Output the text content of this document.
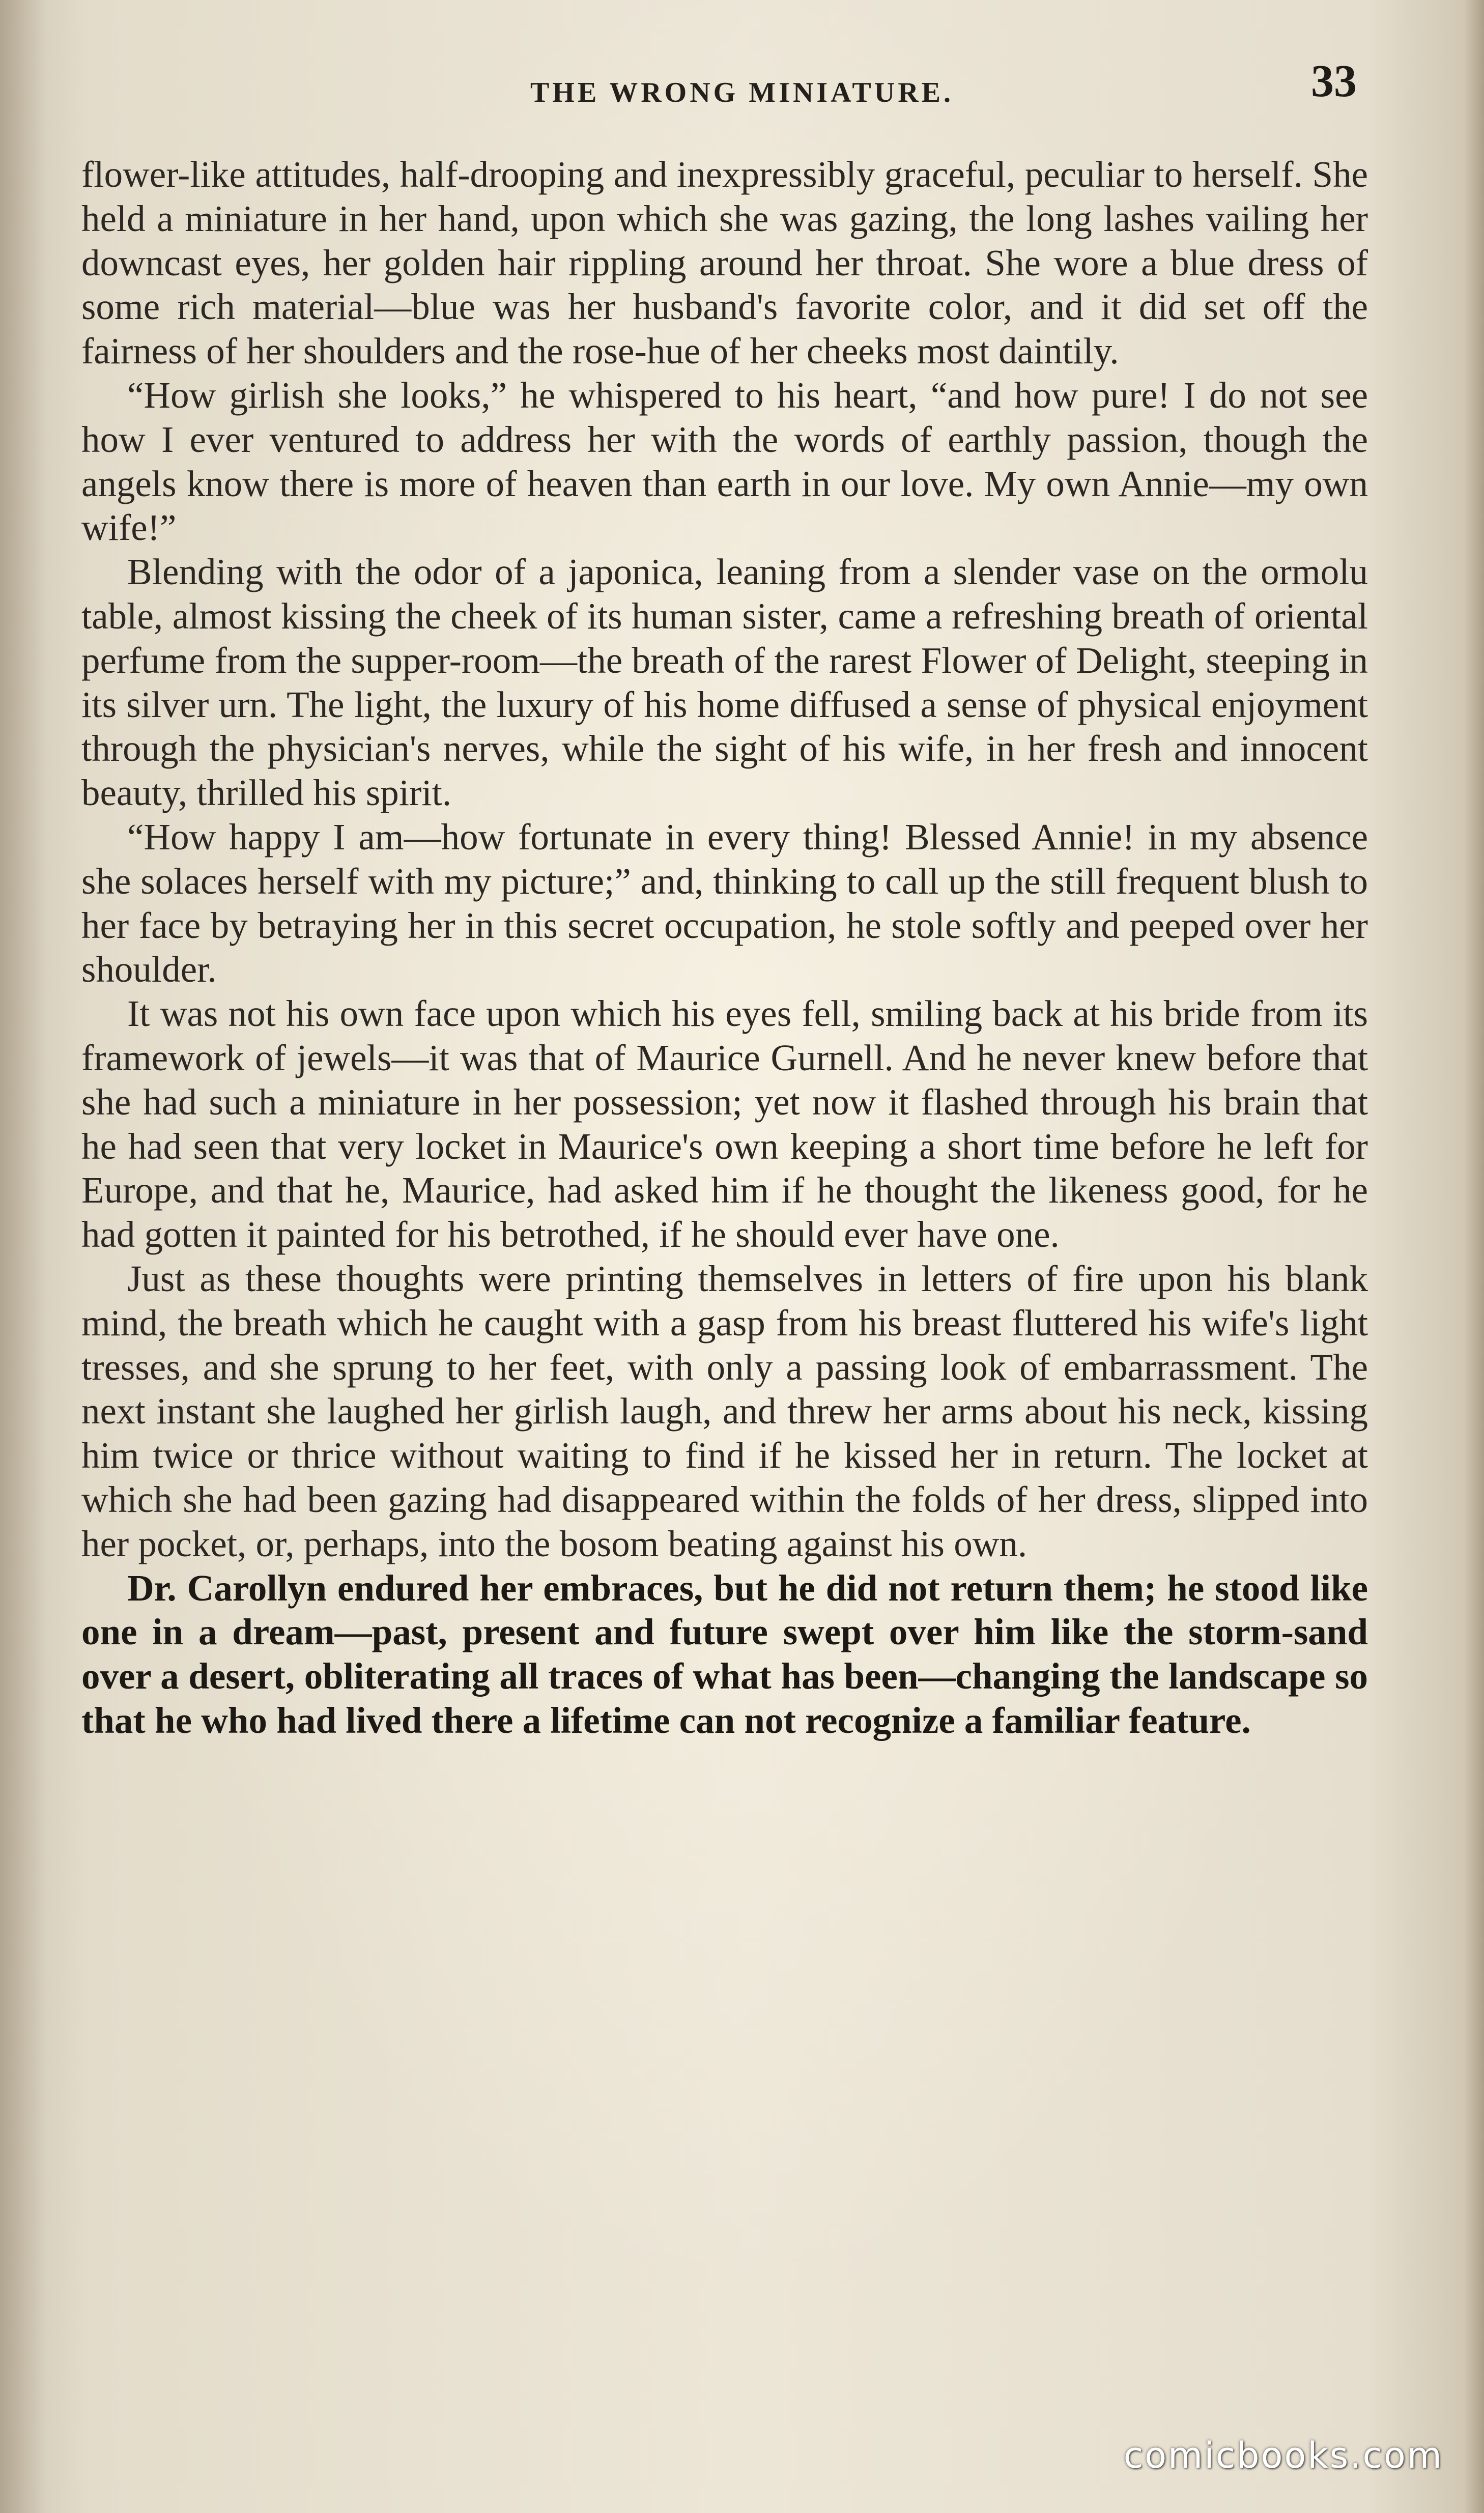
THE WRONG MINIATURE.	33

flower-like attitudes, half-drooping and inexpressibly graceful, peculiar to herself. She held a miniature in her hand, upon which she was gazing, the long lashes vailing her downcast eyes, her golden hair rippling around her throat. She wore a blue dress of some rich material—blue was her husband's favorite color, and it did set off the fairness of her shoulders and the rose-hue of her cheeks most daintily.

“How girlish she looks,” he whispered to his heart, “and how pure! I do not see how I ever ventured to address her with the words of earthly passion, though the angels know there is more of heaven than earth in our love. My own Annie—my own wife!”

Blending with the odor of a japonica, leaning from a slender vase on the ormolu table, almost kissing the cheek of its human sister, came a refreshing breath of oriental perfume from the supper-room—the breath of the rarest Flower of Delight, steeping in its silver urn. The light, the luxury of his home diffused a sense of physical enjoyment through the physician's nerves, while the sight of his wife, in her fresh and innocent beauty, thrilled his spirit.

“How happy I am—how fortunate in every thing! Blessed Annie! in my absence she solaces herself with my picture;” and, thinking to call up the still frequent blush to her face by betraying her in this secret occupation, he stole softly and peeped over her shoulder.

It was not his own face upon which his eyes fell, smiling back at his bride from its framework of jewels—it was that of Maurice Gurnell. And he never knew before that she had such a miniature in her possession; yet now it flashed through his brain that he had seen that very locket in Maurice's own keeping a short time before he left for Europe, and that he, Maurice, had asked him if he thought the likeness good, for he had gotten it painted for his betrothed, if he should ever have one.

Just as these thoughts were printing themselves in letters of fire upon his blank mind, the breath which he caught with a gasp from his breast fluttered his wife's light tresses, and she sprung to her feet, with only a passing look of embarrassment. The next instant she laughed her girlish laugh, and threw her arms about his neck, kissing him twice or thrice without waiting to find if he kissed her in return. The locket at which she had been gazing had disappeared within the folds of her dress, slipped into her pocket, or, perhaps, into the bosom beating against his own.

Dr. Carollyn endured her embraces, but he did not return them; he stood like one in a dream—past, present and future swept over him like the storm-sand over a desert, obliterating all traces of what has been—changing the landscape so that he who had lived there a lifetime can not recognize a familiar feature.

comicbooks.com
